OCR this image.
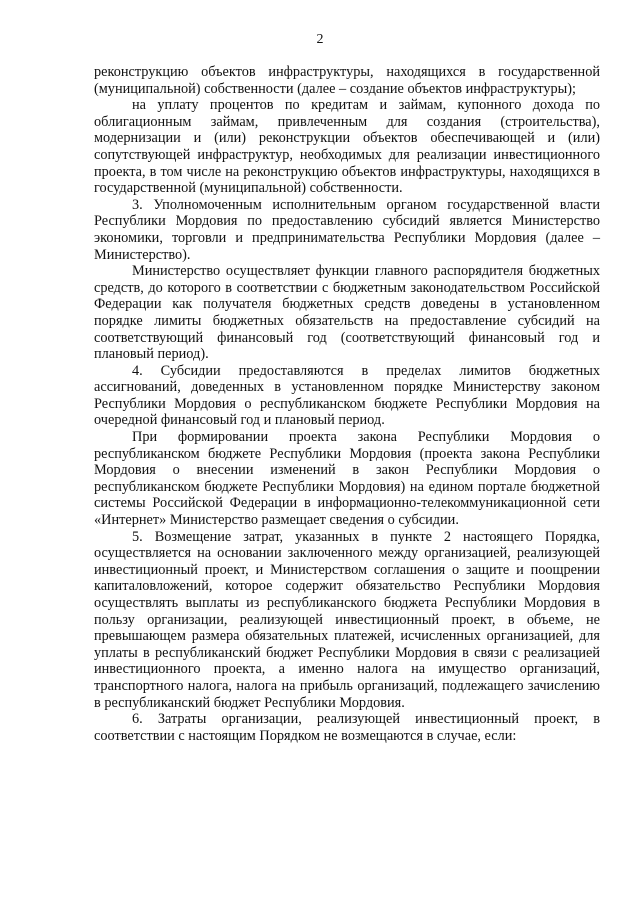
2

реконструкцию объектов инфраструктуры, находящихся в государственной (муниципальной) собственности (далее – создание объектов инфраструктуры);

на уплату процентов по кредитам и займам, купонного дохода по облигационным займам, привлеченным для создания (строительства), модернизации и (или) реконструкции объектов обеспечивающей и (или) сопутствующей инфраструктур, необходимых для реализации инвестиционного проекта, в том числе на реконструкцию объектов инфраструктуры, находящихся в государственной (муниципальной) собственности.

3. Уполномоченным исполнительным органом государственной власти Республики Мордовия по предоставлению субсидий является Министерство экономики, торговли и предпринимательства Республики Мордовия (далее – Министерство).

Министерство осуществляет функции главного распорядителя бюджетных средств, до которого в соответствии с бюджетным законодательством Российской Федерации как получателя бюджетных средств доведены в установленном порядке лимиты бюджетных обязательств на предоставление субсидий на соответствующий финансовый год (соответствующий финансовый год и плановый период).

4. Субсидии предоставляются в пределах лимитов бюджетных ассигнований, доведенных в установленном порядке Министерству законом Республики Мордовия о республиканском бюджете Республики Мордовия на очередной финансовый год и плановый период.

При формировании проекта закона Республики Мордовия о республиканском бюджете Республики Мордовия (проекта закона Республики Мордовия о внесении изменений в закон Республики Мордовия о республиканском бюджете Республики Мордовия) на едином портале бюджетной системы Российской Федерации в информационно-телекоммуникационной сети «Интернет» Министерство размещает сведения о субсидии.

5. Возмещение затрат, указанных в пункте 2 настоящего Порядка, осуществляется на основании заключенного между организацией, реализующей инвестиционный проект, и Министерством соглашения о защите и поощрении капиталовложений, которое содержит обязательство Республики Мордовия осуществлять выплаты из республиканского бюджета Республики Мордовия в пользу организации, реализующей инвестиционный проект, в объеме, не превышающем размера обязательных платежей, исчисленных организацией, для уплаты в республиканский бюджет Республики Мордовия в связи с реализацией инвестиционного проекта, а именно налога на имущество организаций, транспортного налога, налога на прибыль организаций, подлежащего зачислению в республиканский бюджет Республики Мордовия.

6. Затраты организации, реализующей инвестиционный проект, в соответствии с настоящим Порядком не возмещаются в случае, если:
